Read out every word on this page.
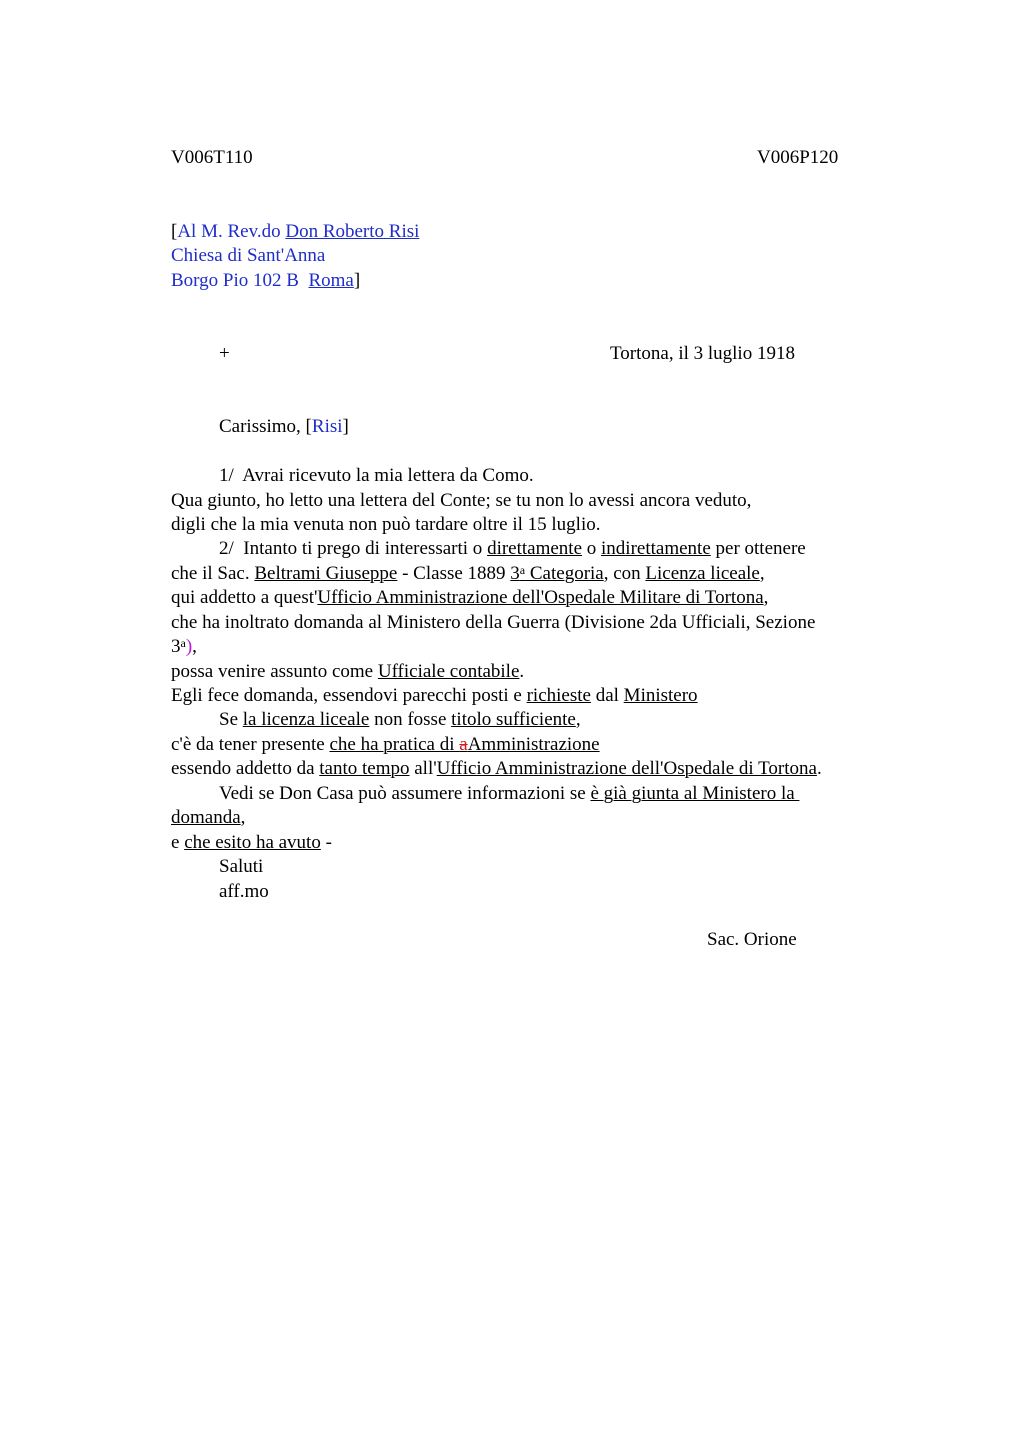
V006T110	V006P120
[Al M. Rev.do Don Roberto Risi
Chiesa di Sant'Anna
Borgo Pio 102 B  Roma]
+	Tortona, il 3 luglio 1918
Carissimo, [Risi]
1/  Avrai ricevuto la mia lettera da Como.
Qua giunto, ho letto una lettera del Conte; se tu non lo avessi ancora veduto,
digli che la mia venuta non può tardare oltre il 15 luglio.
2/  Intanto ti prego di interessarti o direttamente o indirettamente per ottenere
che il Sac. Beltrami Giuseppe - Classe 1889 3$^a$ Categoria, con Licenza liceale,
qui addetto a quest'Ufficio Amministrazione dell'Ospedale Militare di Tortona,
che ha inoltrato domanda al Ministero della Guerra (Divisione 2da Ufficiali, Sezione
3$^a$),
possa venire assunto come Ufficiale contabile.
Egli fece domanda, essendovi parecchi posti e richieste dal Ministero
Se la licenza liceale non fosse titolo sufficiente,
c'è da tener presente che ha pratica di aAmministrazione
essendo addetto da tanto tempo all'Ufficio Amministrazione dell'Ospedale di Tortona.
Vedi se Don Casa può assumere informazioni se è già giunta al Ministero la
domanda,
e che esito ha avuto -
Saluti
aff.mo
Sac. Orione
